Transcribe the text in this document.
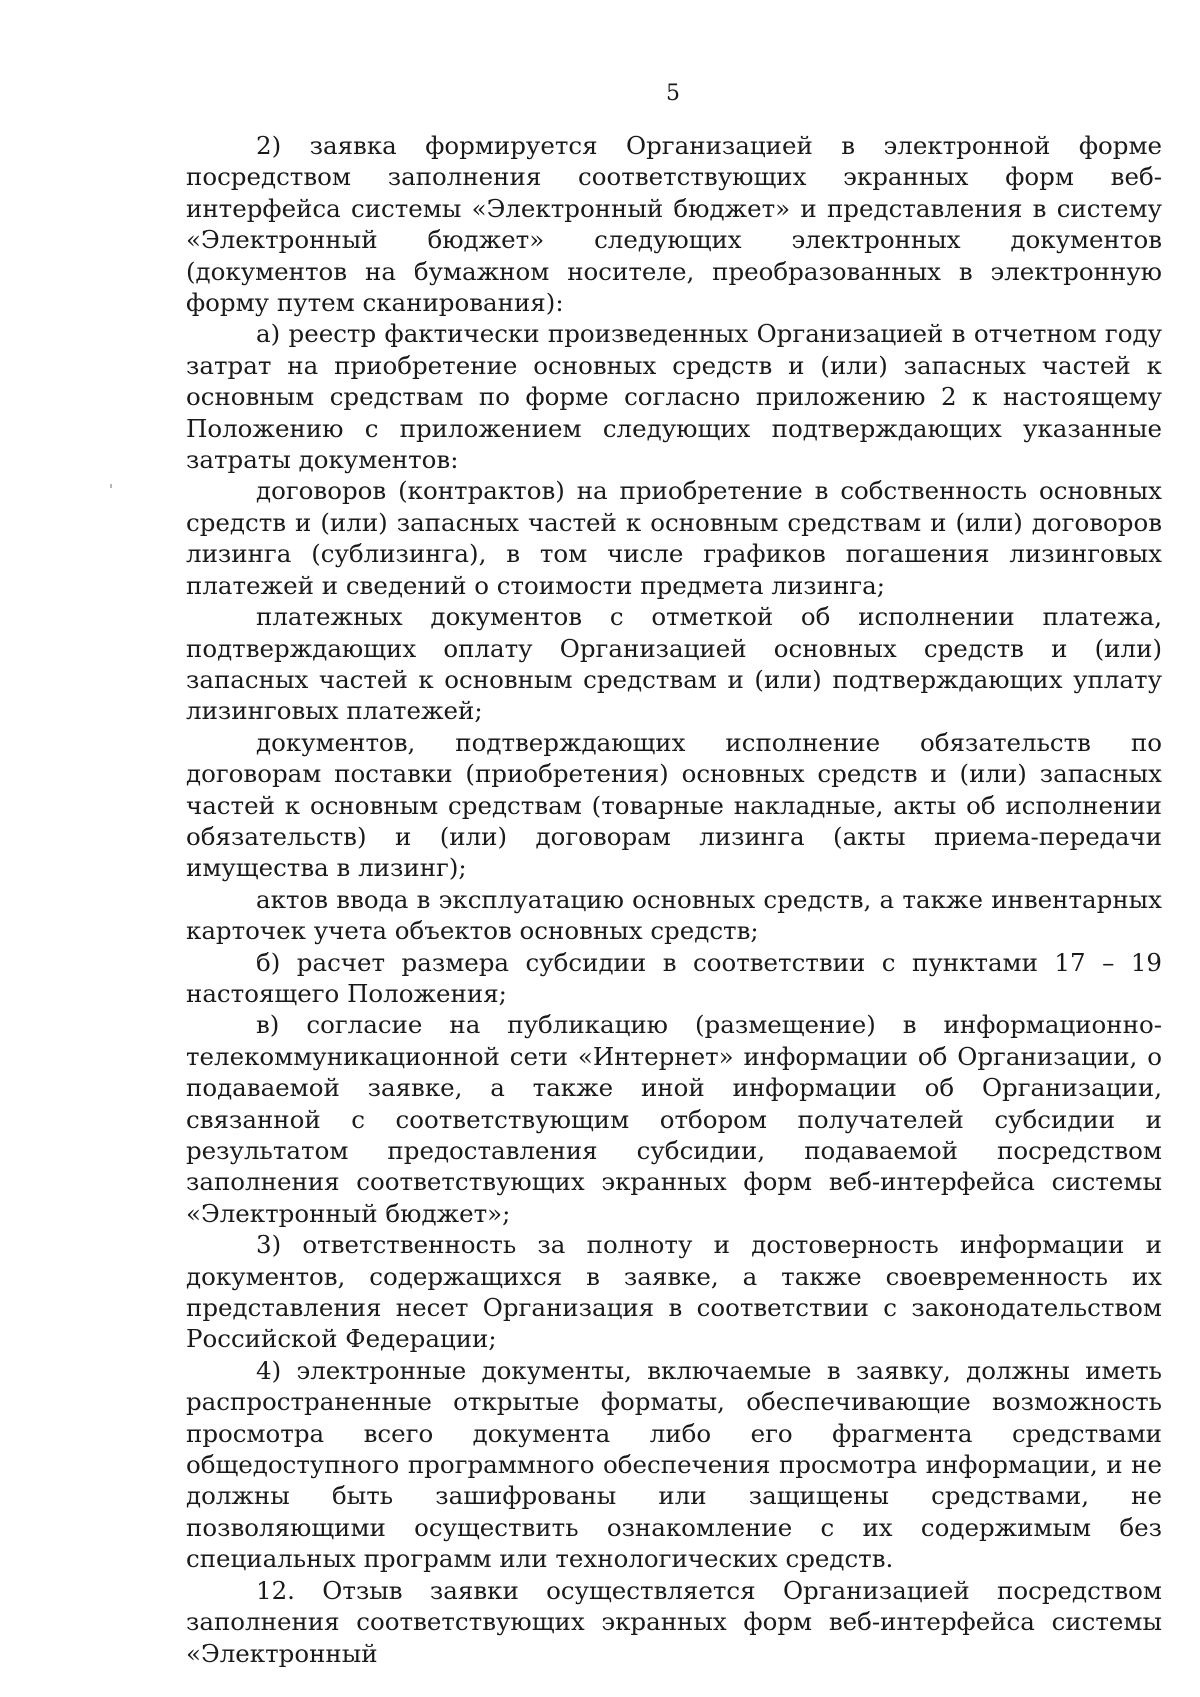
5

2) заявка формируется Организацией в электронной форме посредством заполнения соответствующих экранных форм веб-интерфейса системы «Электронный бюджет» и представления в систему «Электронный бюджет» следующих электронных документов (документов на бумажном носителе, преобразованных в электронную форму путем сканирования):

а) реестр фактически произведенных Организацией в отчетном году затрат на приобретение основных средств и (или) запасных частей к основным средствам по форме согласно приложению 2 к настоящему Положению с приложением следующих подтверждающих указанные затраты документов:

договоров (контрактов) на приобретение в собственность основных средств и (или) запасных частей к основным средствам и (или) договоров лизинга (сублизинга), в том числе графиков погашения лизинговых платежей и сведений о стоимости предмета лизинга;

платежных документов с отметкой об исполнении платежа, подтверждающих оплату Организацией основных средств и (или) запасных частей к основным средствам и (или) подтверждающих уплату лизинговых платежей;

документов, подтверждающих исполнение обязательств по договорам поставки (приобретения) основных средств и (или) запасных частей к основным средствам (товарные накладные, акты об исполнении обязательств) и (или) договорам лизинга (акты приема-передачи имущества в лизинг);

актов ввода в эксплуатацию основных средств, а также инвентарных карточек учета объектов основных средств;

б) расчет размера субсидии в соответствии с пунктами 17 – 19 настоящего Положения;

в) согласие на публикацию (размещение) в информационно-телекоммуникационной сети «Интернет» информации об Организации, о подаваемой заявке, а также иной информации об Организации, связанной с соответствующим отбором получателей субсидии и результатом предоставления субсидии, подаваемой посредством заполнения соответствующих экранных форм веб-интерфейса системы «Электронный бюджет»;

3) ответственность за полноту и достоверность информации и документов, содержащихся в заявке, а также своевременность их представления несет Организация в соответствии с законодательством Российской Федерации;

4) электронные документы, включаемые в заявку, должны иметь распространенные открытые форматы, обеспечивающие возможность просмотра всего документа либо его фрагмента средствами общедоступного программного обеспечения просмотра информации, и не должны быть зашифрованы или защищены средствами, не позволяющими осуществить ознакомление с их содержимым без специальных программ или технологических средств.

12. Отзыв заявки осуществляется Организацией посредством заполнения соответствующих экранных форм веб-интерфейса системы «Электронный
